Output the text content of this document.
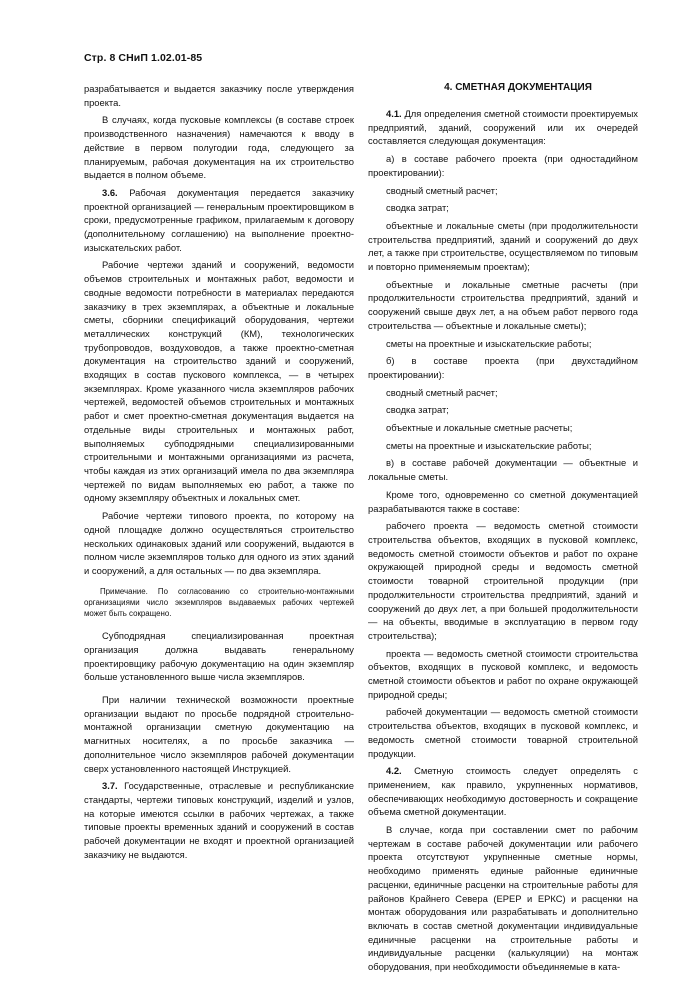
Стр. 8 СНиП 1.02.01-85

разрабатывается и выдается заказчику после утверждения проекта.

В случаях, когда пусковые комплексы (в составе строек производственного назначения) намечаются к вводу в действие в первом полугодии года, следующего за планируемым, рабочая документация на их строительство выдается в полном объеме.

3.6. Рабочая документация передается заказчику проектной организацией — генеральным проектировщиком в сроки, предусмотренные графиком, прилагаемым к договору (дополнительному соглашению) на выполнение проектно-изыскательских работ.

Рабочие чертежи зданий и сооружений, ведомости объемов строительных и монтажных работ, ведомости и сводные ведомости потребности в материалах передаются заказчику в трех экземплярах, а объектные и локальные сметы, сборники спецификаций оборудования, чертежи металлических конструкций (КМ), технологических трубопроводов, воздуховодов, а также проектно-сметная документация на строительство зданий и сооружений, входящих в состав пускового комплекса, — в четырех экземплярах. Кроме указанного числа экземпляров рабочих чертежей, ведомостей объемов строительных и монтажных работ и смет проектно-сметная документация выдается на отдельные виды строительных и монтажных работ, выполняемых субподрядными специализированными строительными и монтажными организациями из расчета, чтобы каждая из этих организаций имела по два экземпляра чертежей по видам выполняемых ею работ, а также по одному экземпляру объектных и локальных смет.

Рабочие чертежи типового проекта, по которому на одной площадке должно осуществляться строительство нескольких одинаковых зданий или сооружений, выдаются в полном числе экземпляров только для одного из этих зданий и сооружений, а для остальных — по два экземпляра.

Примечание. По согласованию со строительно-монтажными организациями число экземпляров выдаваемых рабочих чертежей может быть сокращено.

Субподрядная специализированная проектная организация должна выдавать генеральному проектировщику рабочую документацию на один экземпляр больше установленного выше числа экземпляров.

При наличии технической возможности проектные организации выдают по просьбе подрядной строительно-монтажной организации сметную документацию на магнитных носителях, а по просьбе заказчика — дополнительное число экземпляров рабочей документации сверх установленного настоящей Инструкцией.

3.7. Государственные, отраслевые и республиканские стандарты, чертежи типовых конструкций, изделий и узлов, на которые имеются ссылки в рабочих чертежах, а также типовые проекты временных зданий и сооружений в состав рабочей документации не входят и проектной организацией заказчику не выдаются.

4. СМЕТНАЯ ДОКУМЕНТАЦИЯ

4.1. Для определения сметной стоимости проектируемых предприятий, зданий, сооружений или их очередей составляется следующая документация:

а) в составе рабочего проекта (при одностадийном проектировании):

сводный сметный расчет;

сводка затрат;

объектные и локальные сметы (при продолжительности строительства предприятий, зданий и сооружений до двух лет, а также при строительстве, осуществляемом по типовым и повторно применяемым проектам);

объектные и локальные сметные расчеты (при продолжительности строительства предприятий, зданий и сооружений свыше двух лет, а на объем работ первого года строительства — объектные и локальные сметы);

сметы на проектные и изыскательские работы;

б) в составе проекта (при двухстадийном проектировании):

сводный сметный расчет;

сводка затрат;

объектные и локальные сметные расчеты;

сметы на проектные и изыскательские работы;

в) в составе рабочей документации — объектные и локальные сметы.

Кроме того, одновременно со сметной документацией разрабатываются также в составе:

рабочего проекта — ведомость сметной стоимости строительства объектов, входящих в пусковой комплекс, ведомость сметной стоимости объектов и работ по охране окружающей природной среды и ведомость сметной стоимости товарной строительной продукции (при продолжительности строительства предприятий, зданий и сооружений до двух лет, а при большей продолжительности — на объекты, вводимые в эксплуатацию в первом году строительства);

проекта — ведомость сметной стоимости строительства объектов, входящих в пусковой комплекс, и ведомость сметной стоимости объектов и работ по охране окружающей природной среды;

рабочей документации — ведомость сметной стоимости строительства объектов, входящих в пусковой комплекс, и ведомость сметной стоимости товарной строительной продукции.

4.2. Сметную стоимость следует определять с применением, как правило, укрупненных нормативов, обеспечивающих необходимую достоверность и сокращение объема сметной документации.

В случае, когда при составлении смет по рабочим чертежам в составе рабочей документации или рабочего проекта отсутствуют укрупненные сметные нормы, необходимо применять единые районные единичные расценки, единичные расценки на строительные работы для районов Крайнего Севера (ЕРЕР и ЕРКС) и расценки на монтаж оборудования или разрабатывать и дополнительно включать в состав сметной документации индивидуальные единичные расценки на строительные работы и индивидуальные расценки (калькуляции) на монтаж оборудования, при необходимости объединяемые в ката-
